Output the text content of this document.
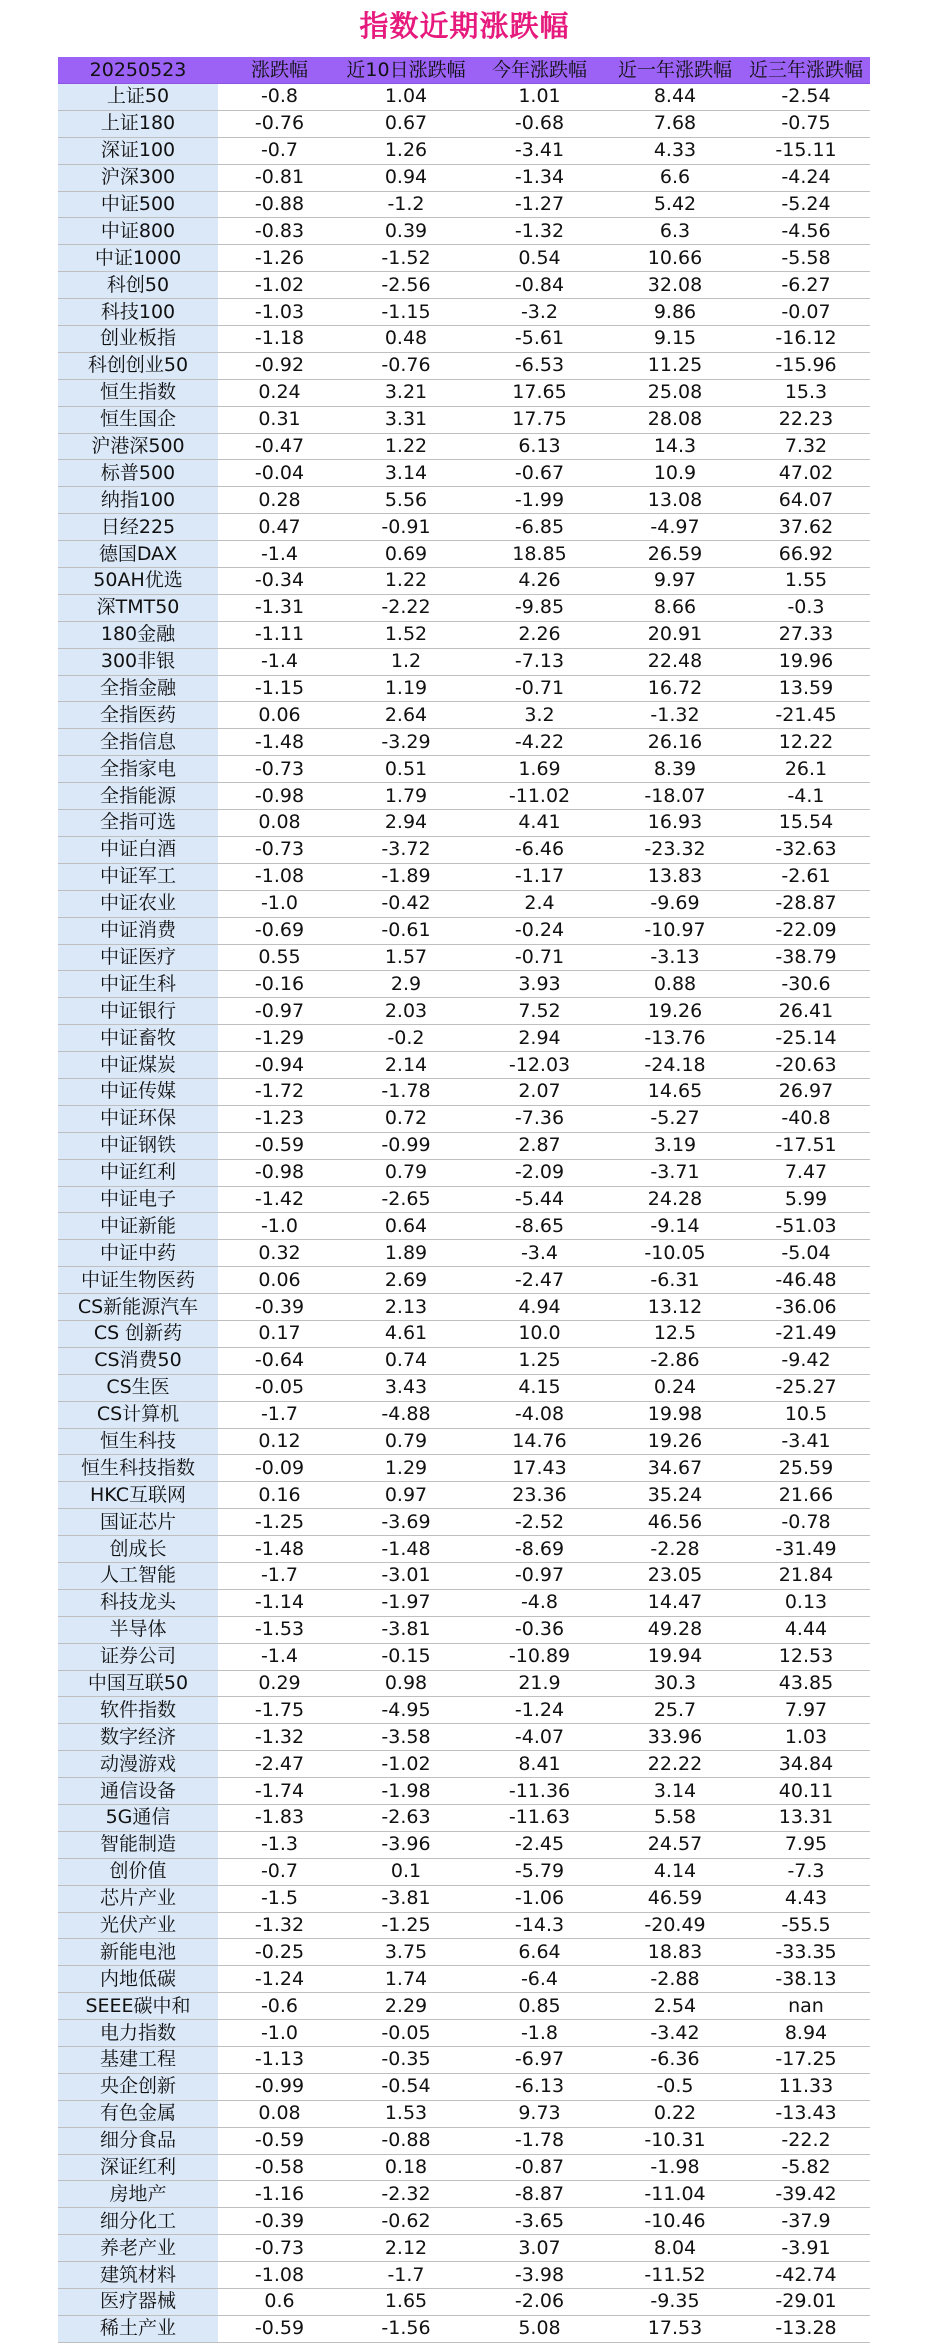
指数近期涨跌幅
20250523	涨跌幅	近10日涨跌幅	今年涨跌幅	近一年涨跌幅	近三年涨跌幅
上证50	-0.8	1.04	1.01	8.44	-2.54
上证180	-0.76	0.67	-0.68	7.68	-0.75
深证100	-0.7	1.26	-3.41	4.33	-15.11
沪深300	-0.81	0.94	-1.34	6.6	-4.24
中证500	-0.88	-1.2	-1.27	5.42	-5.24
中证800	-0.83	0.39	-1.32	6.3	-4.56
中证1000	-1.26	-1.52	0.54	10.66	-5.58
科创50	-1.02	-2.56	-0.84	32.08	-6.27
科技100	-1.03	-1.15	-3.2	9.86	-0.07
创业板指	-1.18	0.48	-5.61	9.15	-16.12
科创创业50	-0.92	-0.76	-6.53	11.25	-15.96
恒生指数	0.24	3.21	17.65	25.08	15.3
恒生国企	0.31	3.31	17.75	28.08	22.23
沪港深500	-0.47	1.22	6.13	14.3	7.32
标普500	-0.04	3.14	-0.67	10.9	47.02
纳指100	0.28	5.56	-1.99	13.08	64.07
日经225	0.47	-0.91	-6.85	-4.97	37.62
德国DAX	-1.4	0.69	18.85	26.59	66.92
50AH优选	-0.34	1.22	4.26	9.97	1.55
深TMT50	-1.31	-2.22	-9.85	8.66	-0.3
180金融	-1.11	1.52	2.26	20.91	27.33
300非银	-1.4	1.2	-7.13	22.48	19.96
全指金融	-1.15	1.19	-0.71	16.72	13.59
全指医药	0.06	2.64	3.2	-1.32	-21.45
全指信息	-1.48	-3.29	-4.22	26.16	12.22
全指家电	-0.73	0.51	1.69	8.39	26.1
全指能源	-0.98	1.79	-11.02	-18.07	-4.1
全指可选	0.08	2.94	4.41	16.93	15.54
中证白酒	-0.73	-3.72	-6.46	-23.32	-32.63
中证军工	-1.08	-1.89	-1.17	13.83	-2.61
中证农业	-1.0	-0.42	2.4	-9.69	-28.87
中证消费	-0.69	-0.61	-0.24	-10.97	-22.09
中证医疗	0.55	1.57	-0.71	-3.13	-38.79
中证生科	-0.16	2.9	3.93	0.88	-30.6
中证银行	-0.97	2.03	7.52	19.26	26.41
中证畜牧	-1.29	-0.2	2.94	-13.76	-25.14
中证煤炭	-0.94	2.14	-12.03	-24.18	-20.63
中证传媒	-1.72	-1.78	2.07	14.65	26.97
中证环保	-1.23	0.72	-7.36	-5.27	-40.8
中证钢铁	-0.59	-0.99	2.87	3.19	-17.51
中证红利	-0.98	0.79	-2.09	-3.71	7.47
中证电子	-1.42	-2.65	-5.44	24.28	5.99
中证新能	-1.0	0.64	-8.65	-9.14	-51.03
中证中药	0.32	1.89	-3.4	-10.05	-5.04
中证生物医药	0.06	2.69	-2.47	-6.31	-46.48
CS新能源汽车	-0.39	2.13	4.94	13.12	-36.06
CS 创新药	0.17	4.61	10.0	12.5	-21.49
CS消费50	-0.64	0.74	1.25	-2.86	-9.42
CS生医	-0.05	3.43	4.15	0.24	-25.27
CS计算机	-1.7	-4.88	-4.08	19.98	10.5
恒生科技	0.12	0.79	14.76	19.26	-3.41
恒生科技指数	-0.09	1.29	17.43	34.67	25.59
HKC互联网	0.16	0.97	23.36	35.24	21.66
国证芯片	-1.25	-3.69	-2.52	46.56	-0.78
创成长	-1.48	-1.48	-8.69	-2.28	-31.49
人工智能	-1.7	-3.01	-0.97	23.05	21.84
科技龙头	-1.14	-1.97	-4.8	14.47	0.13
半导体	-1.53	-3.81	-0.36	49.28	4.44
证券公司	-1.4	-0.15	-10.89	19.94	12.53
中国互联50	0.29	0.98	21.9	30.3	43.85
软件指数	-1.75	-4.95	-1.24	25.7	7.97
数字经济	-1.32	-3.58	-4.07	33.96	1.03
动漫游戏	-2.47	-1.02	8.41	22.22	34.84
通信设备	-1.74	-1.98	-11.36	3.14	40.11
5G通信	-1.83	-2.63	-11.63	5.58	13.31
智能制造	-1.3	-3.96	-2.45	24.57	7.95
创价值	-0.7	0.1	-5.79	4.14	-7.3
芯片产业	-1.5	-3.81	-1.06	46.59	4.43
光伏产业	-1.32	-1.25	-14.3	-20.49	-55.5
新能电池	-0.25	3.75	6.64	18.83	-33.35
内地低碳	-1.24	1.74	-6.4	-2.88	-38.13
SEEE碳中和	-0.6	2.29	0.85	2.54	nan
电力指数	-1.0	-0.05	-1.8	-3.42	8.94
基建工程	-1.13	-0.35	-6.97	-6.36	-17.25
央企创新	-0.99	-0.54	-6.13	-0.5	11.33
有色金属	0.08	1.53	9.73	0.22	-13.43
细分食品	-0.59	-0.88	-1.78	-10.31	-22.2
深证红利	-0.58	0.18	-0.87	-1.98	-5.82
房地产	-1.16	-2.32	-8.87	-11.04	-39.42
细分化工	-0.39	-0.62	-3.65	-10.46	-37.9
养老产业	-0.73	2.12	3.07	8.04	-3.91
建筑材料	-1.08	-1.7	-3.98	-11.52	-42.74
医疗器械	0.6	1.65	-2.06	-9.35	-29.01
稀土产业	-0.59	-1.56	5.08	17.53	-13.28
